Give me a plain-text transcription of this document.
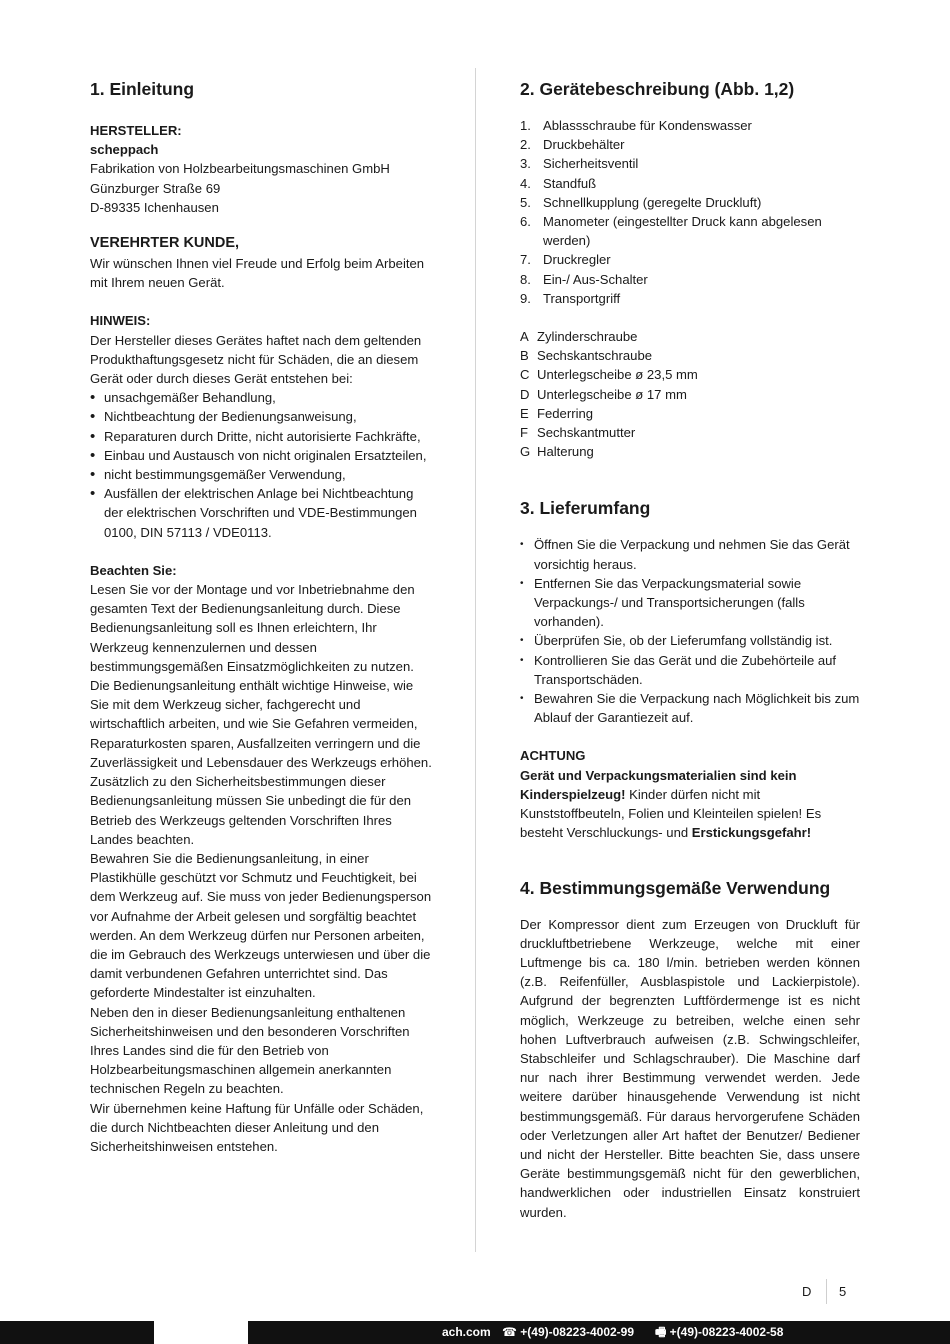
1. Einleitung

HERSTELLER:

scheppach

Fabrikation von Holzbearbeitungsmaschinen GmbH

Günzburger Straße 69

D-89335 Ichenhausen

VEREHRTER KUNDE,

Wir wünschen Ihnen viel Freude und Erfolg beim Arbeiten mit Ihrem neuen Gerät.

HINWEIS:

Der Hersteller dieses Gerätes haftet nach dem geltenden Produkthaftungsgesetz nicht für Schäden, die an diesem Gerät oder durch dieses Gerät entstehen bei:

• unsachgemäßer Behandlung,
• Nichtbeachtung der Bedienungsanweisung,
• Reparaturen durch Dritte, nicht autorisierte Fachkräfte,
• Einbau und Austausch von nicht originalen Ersatzteilen,
• nicht bestimmungsgemäßer Verwendung,
• Ausfällen der elektrischen Anlage bei Nichtbeachtung der elektrischen Vorschriften und VDE-Bestimmungen 0100, DIN 57113 / VDE0113.

Beachten Sie:

Lesen Sie vor der Montage und vor Inbetriebnahme den gesamten Text der Bedienungsanleitung durch. Diese Bedienungsanleitung soll es Ihnen erleichtern, Ihr Werkzeug kennenzulernen und dessen bestimmungsgemäßen Einsatzmöglichkeiten zu nutzen.

Die Bedienungsanleitung enthält wichtige Hinweise, wie Sie mit dem Werkzeug sicher, fachgerecht und wirtschaftlich arbeiten, und wie Sie Gefahren vermeiden, Reparaturkosten sparen, Ausfallzeiten verringern und die Zuverlässigkeit und Lebensdauer des Werkzeugs erhöhen.

Zusätzlich zu den Sicherheitsbestimmungen dieser Bedienungsanleitung müssen Sie unbedingt die für den Betrieb des Werkzeugs geltenden Vorschriften Ihres Landes beachten.

Bewahren Sie die Bedienungsanleitung, in einer Plastikhülle geschützt vor Schmutz und Feuchtigkeit, bei dem Werkzeug auf. Sie muss von jeder Bedienungsperson vor Aufnahme der Arbeit gelesen und sorgfältig beachtet werden. An dem Werkzeug dürfen nur Personen arbeiten, die im Gebrauch des Werkzeugs unterwiesen und über die damit verbundenen Gefahren unterrichtet sind. Das geforderte Mindestalter ist einzuhalten.

Neben den in dieser Bedienungsanleitung enthaltenen Sicherheitshinweisen und den besonderen Vorschriften Ihres Landes sind die für den Betrieb von Holzbearbeitungsmaschinen allgemein anerkannten technischen Regeln zu beachten.

Wir übernehmen keine Haftung für Unfälle oder Schäden, die durch Nichtbeachten dieser Anleitung und den Sicherheitshinweisen entstehen.

2. Gerätebeschreibung (Abb. 1,2)
1. Ablassschraube für Kondenswasser
2. Druckbehälter
3. Sicherheitsventil
4. Standfuß
5. Schnellkupplung (geregelte Druckluft)
6. Manometer (eingestellter Druck kann abgelesen werden)
7. Druckregler
8. Ein-/ Aus-Schalter
9. Transportgriff
A Zylinderschraube
B Sechskantschraube
C Unterlegscheibe ø 23,5 mm
D Unterlegscheibe ø 17 mm
E Federring
F Sechskantmutter
G Halterung
3. Lieferumfang
• Öffnen Sie die Verpackung und nehmen Sie das Gerät vorsichtig heraus.
• Entfernen Sie das Verpackungsmaterial sowie Verpackungs-/ und Transportsicherungen (falls vorhanden).
• Überprüfen Sie, ob der Lieferumfang vollständig ist.
• Kontrollieren Sie das Gerät und die Zubehörteile auf Transportschäden.
• Bewahren Sie die Verpackung nach Möglichkeit bis zum Ablauf der Garantiezeit auf.

ACHTUNG

Gerät und Verpackungsmaterialien sind kein Kinderspielzeug! Kinder dürfen nicht mit Kunststoffbeuteln, Folien und Kleinteilen spielen! Es besteht Verschluckungs- und Erstickungsgefahr!

4. Bestimmungsgemäße Verwendung

Der Kompressor dient zum Erzeugen von Druckluft für druckluftbetriebene Werkzeuge, welche mit einer Luftmenge bis ca. 180 l/min. betrieben werden können (z.B. Reifenfüller, Ausblaspistole und Lackierpistole). Aufgrund der begrenzten Luftfördermenge ist es nicht möglich, Werkzeuge zu betreiben, welche einen sehr hohen Luftverbrauch aufweisen (z.B. Schwingschleifer, Stabschleifer und Schlagschrauber). Die Maschine darf nur nach ihrer Bestimmung verwendet werden. Jede weitere darüber hinausgehende Verwendung ist nicht bestimmungsgemäß. Für daraus hervorgerufene Schäden oder Verletzungen aller Art haftet der Benutzer/ Bediener und nicht der Hersteller. Bitte beachten Sie, dass unsere Geräte bestimmungsgemäß nicht für den gewerblichen, handwerklichen oder industriellen Einsatz konstruiert wurden.

D 5
ach.com ☎ +(49)-08223-4002-99 🖷 +(49)-08223-4002-58
